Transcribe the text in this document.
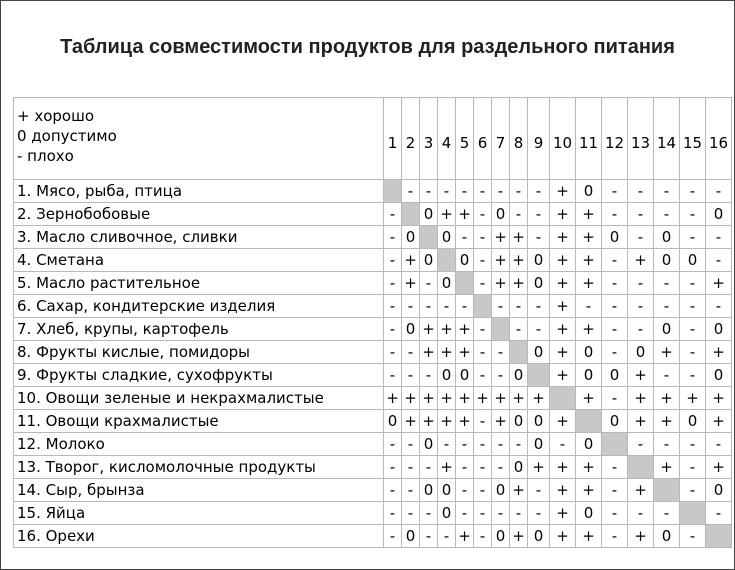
Таблица совместимости продуктов для раздельного питания
+ хорошо
0 допустимо
- плохо	1	2	3	4	5	6	7	8	9	10	11	12	13	14	15	16
1. Мясо, рыба, птица		-	-	-	-	-	-	-	-	+	0	-	-	-	-	-
2. Зернобобовые	-		0	+	+	-	0	-	-	+	+	-	-	-	-	0
3. Масло сливочное, сливки	-	0		0	-	-	+	+	-	+	+	0	-	0	-	-
4. Сметана	-	+	0		0	-	+	+	0	+	+	-	+	0	0	-
5. Масло растительное	-	+	-	0		-	+	+	0	+	+	-	-	-	-	+
6. Сахар, кондитерские изделия	-	-	-	-	-		-	-	-	+	-	-	-	-	-	-
7. Хлеб, крупы, картофель	-	0	+	+	+	-		-	-	+	+	-	-	0	-	0
8. Фрукты кислые, помидоры	-	-	+	+	+	-	-		0	+	0	-	0	+	-	+
9. Фрукты сладкие, сухофрукты	-	-	-	0	0	-	-	0		+	0	0	+	-	-	0
10. Овощи зеленые и некрахмалистые	+	+	+	+	+	+	+	+	+		+	-	+	+	+	+
11. Овощи крахмалистые	0	+	+	+	+	-	+	0	0	+		0	+	+	0	+
12. Молоко	-	-	0	-	-	-	-	-	0	-	0		-	-	-	-
13. Творог, кисломолочные продукты	-	-	-	+	-	-	-	0	+	+	+	-		+	-	+
14. Сыр, брынза	-	-	0	0	-	-	0	+	-	+	+	-	+		-	0
15. Яйца	-	-	-	0	-	-	-	-	-	+	0	-	-	-		-
16. Орехи	-	0	-	-	+	-	0	+	0	+	+	-	+	0	-	
